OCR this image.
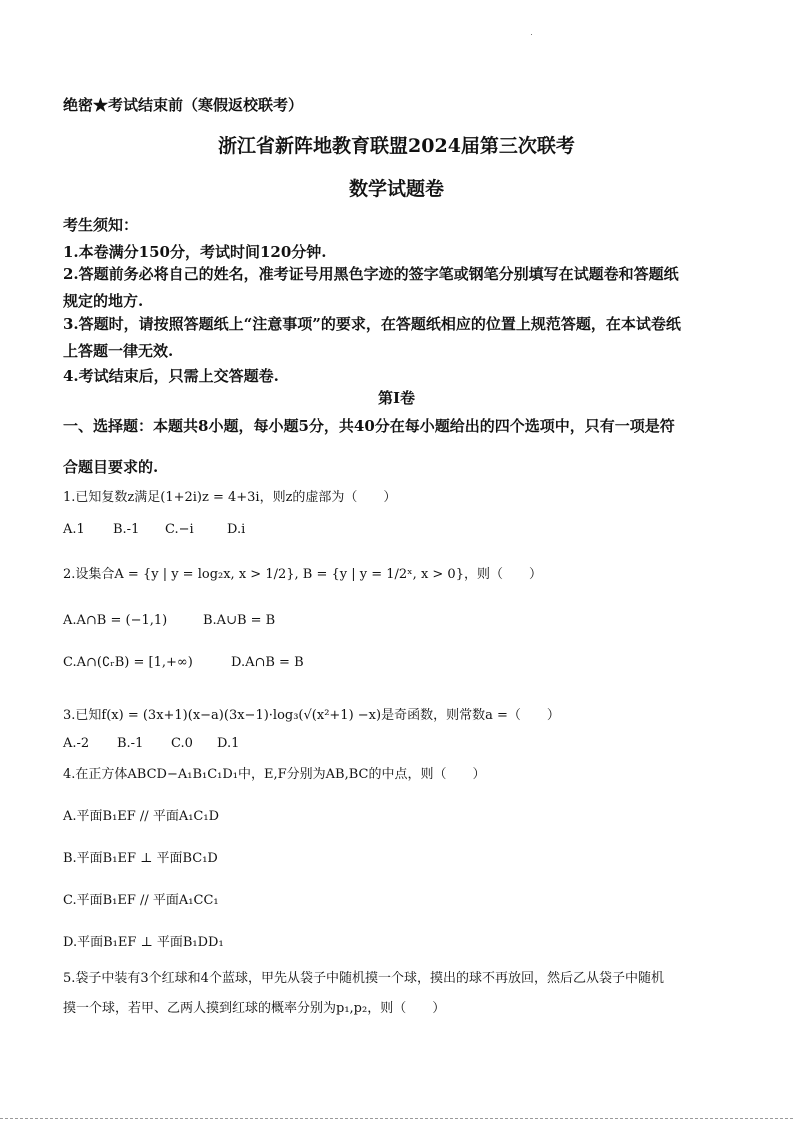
绝密★考试结束前（寒假返校联考）
浙江省新阵地教育联盟2024届第三次联考
数学试题卷
考生须知：
1.本卷满分150分，考试时间120分钟.
2.答题前务必将自己的姓名，准考证号用黑色字迹的签字笔或钢笔分别填写在试题卷和答题纸
规定的地方.
3.答题时，请按照答题纸上“注意事项”的要求，在答题纸相应的位置上规范答题，在本试卷纸
上答题一律无效.
4.考试结束后，只需上交答题卷.
第Ⅰ卷
一、选择题：本题共8小题，每小题5分，共40分在每小题给出的四个选项中，只有一项是符
合题目要求的.
1.已知复数z满足(1+2i)z = 4+3i，则z的虚部为（　　）
A.1 B.-1 C.−i	D.i
2.设集合A = {y | y = log₂x, x > 1/2}, B = {y | y = 1/2ˣ, x > 0}，则（　　）
A.A∩B = (−1,1)	B.A∪B = B
C.A∩(∁ᵣB) = [1,+∞)	D.A∩B = B
3.已知f(x) = (3x+1)(x−a)(3x−1)·log₃(√(x²+1) −x)是奇函数，则常数a =（　　）
A.-2 B.-1 C.0 D.1
4.在正方体ABCD−A₁B₁C₁D₁中，E,F分别为AB,BC的中点，则（　　）
A.平面B₁EF // 平面A₁C₁D
B.平面B₁EF ⊥ 平面BC₁D
C.平面B₁EF // 平面A₁CC₁
D.平面B₁EF ⊥ 平面B₁DD₁
5.袋子中装有3个红球和4个蓝球，甲先从袋子中随机摸一个球，摸出的球不再放回，然后乙从袋子中随机
摸一个球，若甲、乙两人摸到红球的概率分别为p₁,p₂，则（　　）
